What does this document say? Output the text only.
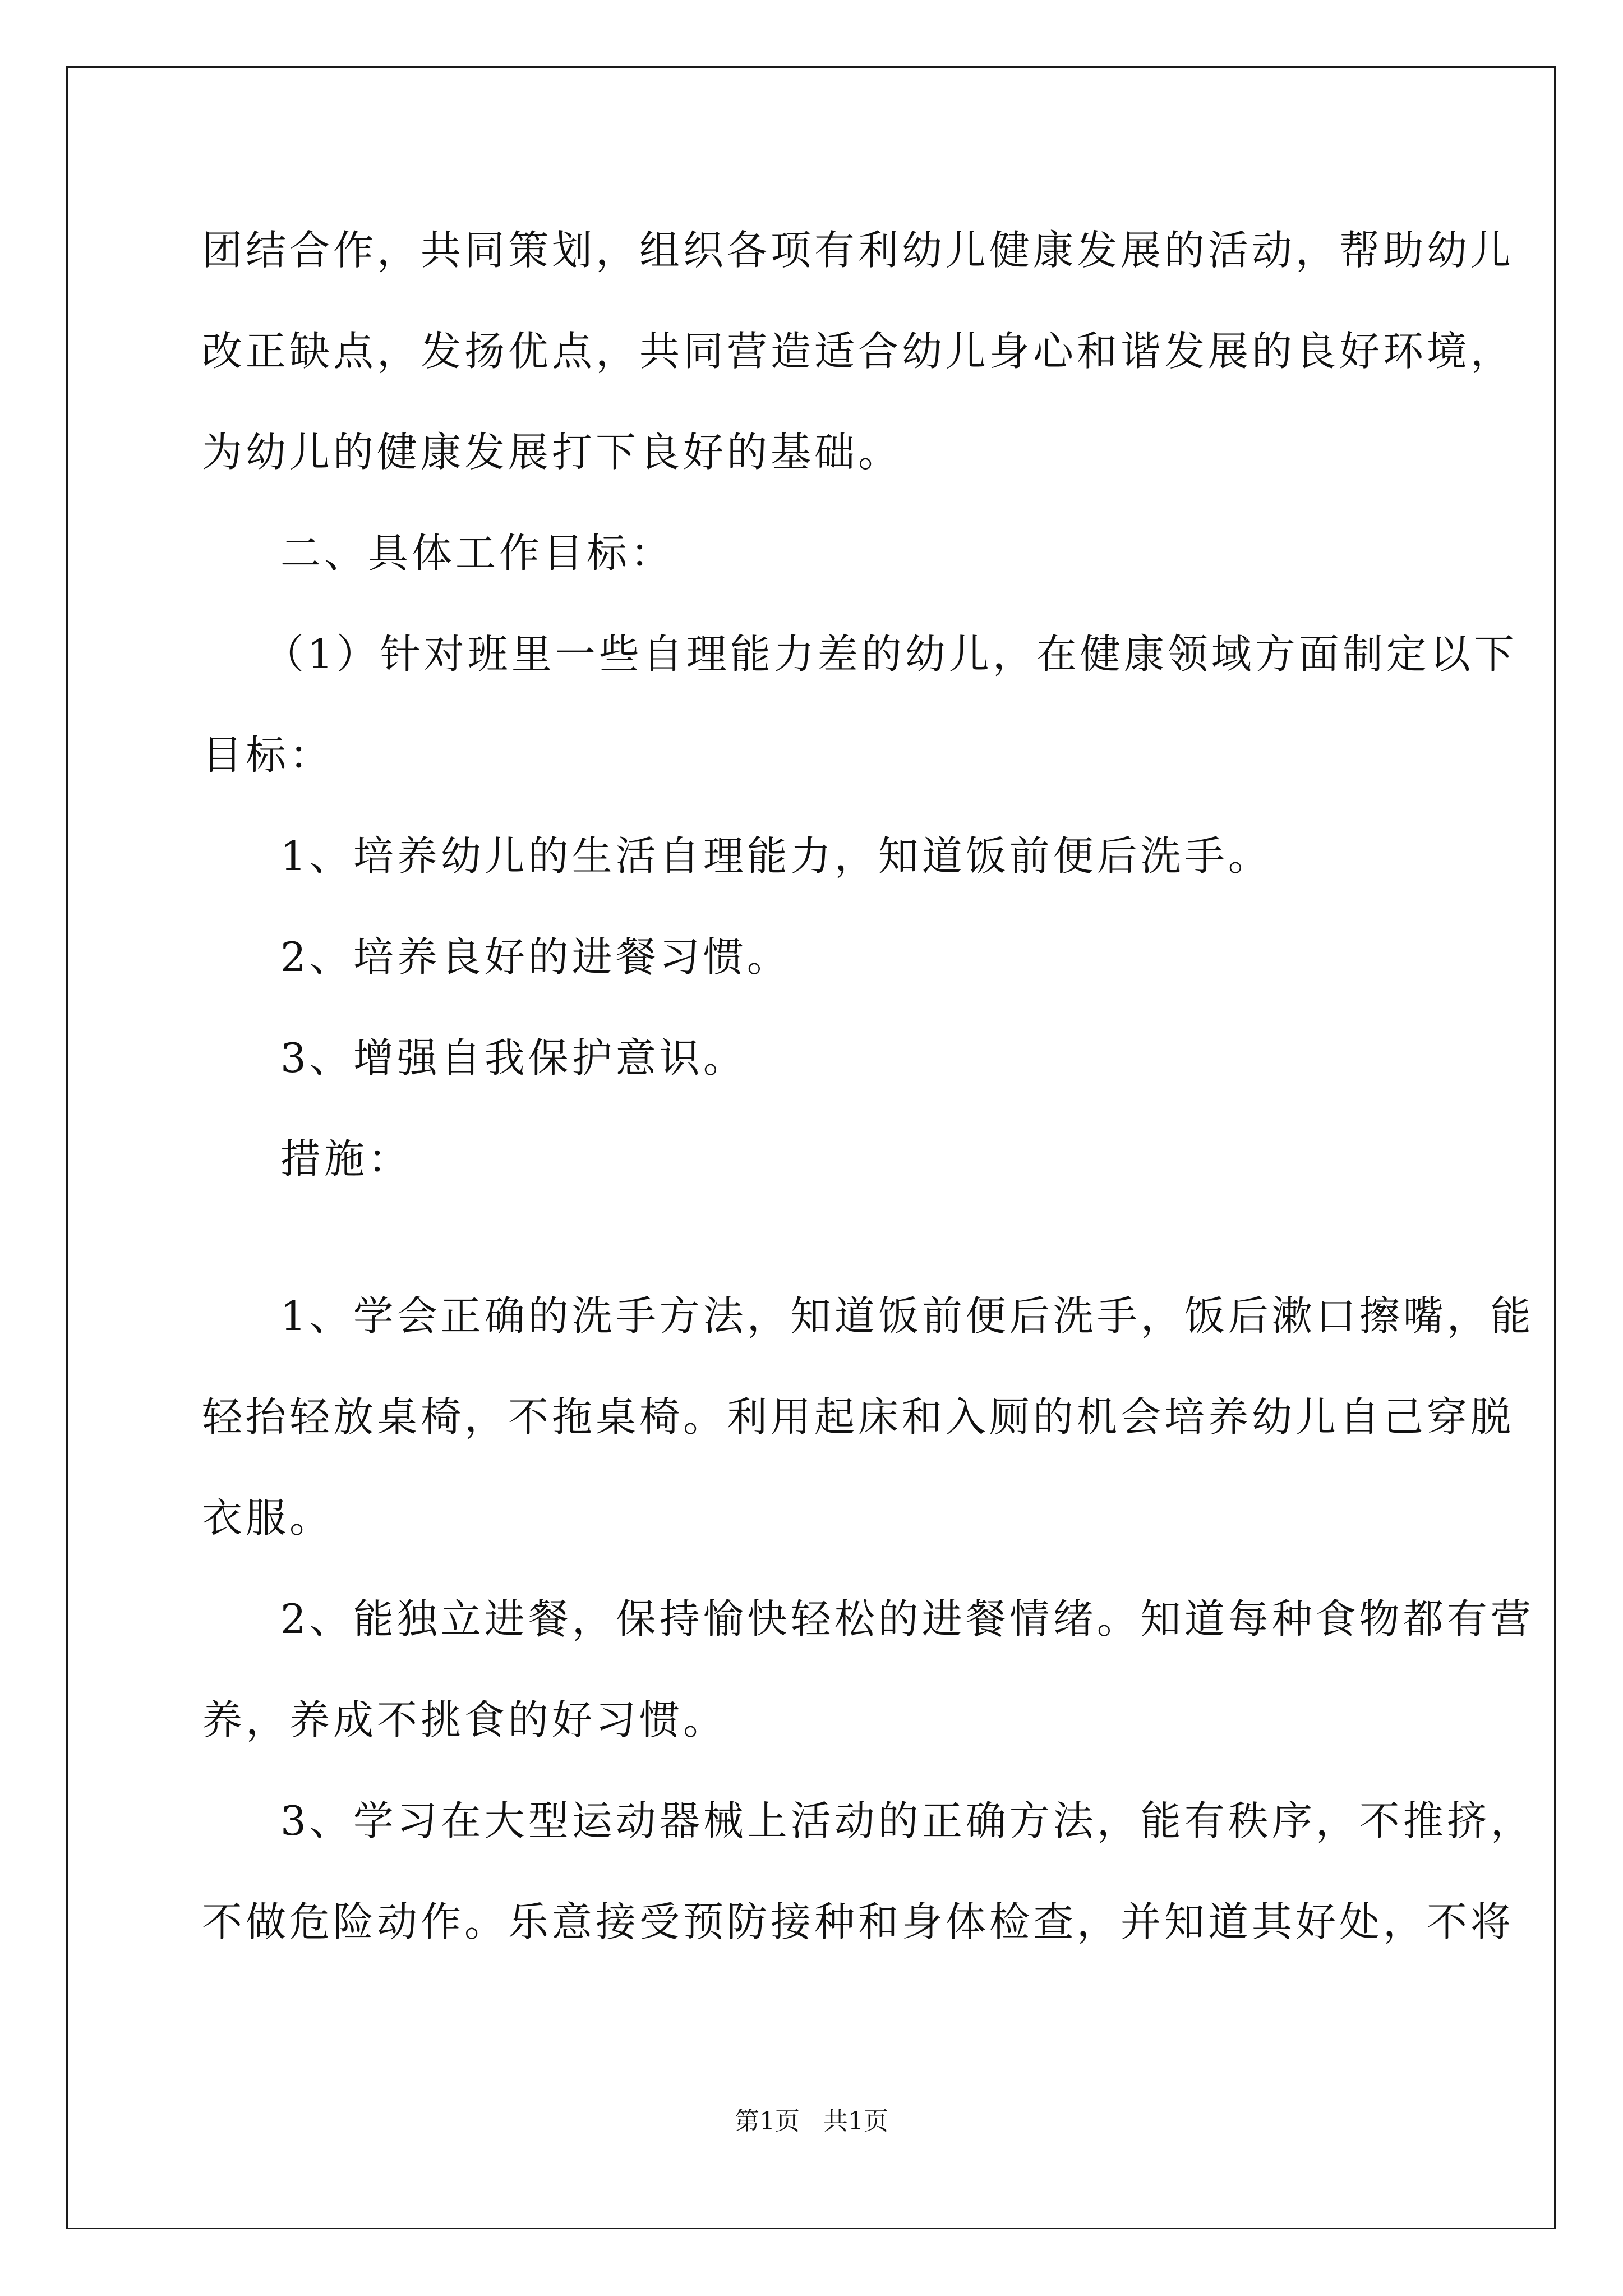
团结合作，共同策划，组织各项有利幼儿健康发展的活动，帮助幼儿
改正缺点，发扬优点，共同营造适合幼儿身心和谐发展的良好环境，
为幼儿的健康发展打下良好的基础。
二、具体工作目标：
（1）针对班里一些自理能力差的幼儿，在健康领域方面制定以下
目标：
1、培养幼儿的生活自理能力，知道饭前便后洗手。
2、培养良好的进餐习惯。
3、增强自我保护意识。
措施：
1、学会正确的洗手方法，知道饭前便后洗手，饭后漱口擦嘴，能
轻抬轻放桌椅，不拖桌椅。利用起床和入厕的机会培养幼儿自己穿脱
衣服。
2、能独立进餐，保持愉快轻松的进餐情绪。知道每种食物都有营
养，养成不挑食的好习惯。
3、学习在大型运动器械上活动的正确方法，能有秩序，不推挤，
不做危险动作。乐意接受预防接种和身体检查，并知道其好处，不将
第1页   共1页
